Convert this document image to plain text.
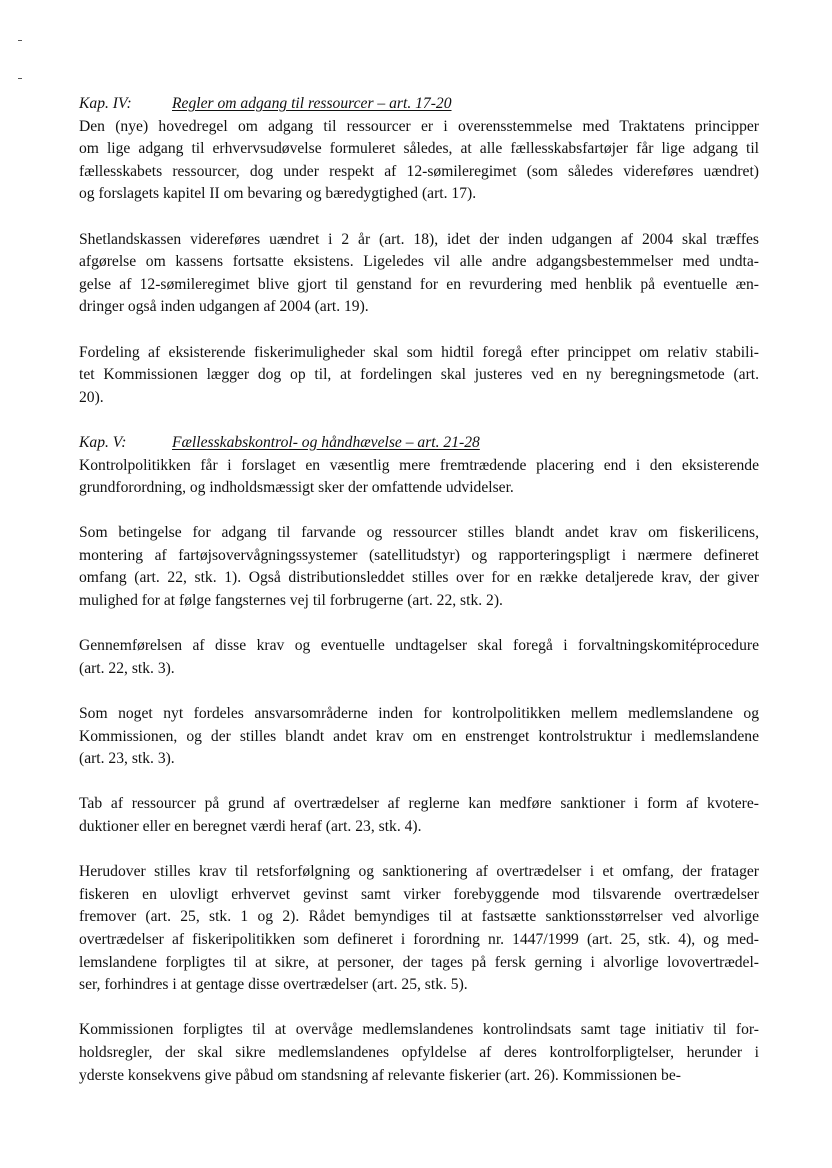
Kap. IV:	Regler om adgang til ressourcer – art. 17-20

Den (nye) hovedregel om adgang til ressourcer er i overensstemmelse med Traktatens principper
om lige adgang til erhvervsudøvelse formuleret således, at alle fællesskabsfartøjer får lige adgang til
fællesskabets ressourcer, dog under respekt af 12-sømileregimet (som således videreføres uændret)
og forslagets kapitel II om bevaring og bæredygtighed (art. 17).

Shetlandskassen videreføres uændret i 2 år (art. 18), idet der inden udgangen af 2004 skal træffes
afgørelse om kassens fortsatte eksistens. Ligeledes vil alle andre adgangsbestemmelser med undta-
gelse af 12-sømileregimet blive gjort til genstand for en revurdering med henblik på eventuelle æn-
dringer også inden udgangen af 2004 (art. 19).

Fordeling af eksisterende fiskerimuligheder skal som hidtil foregå efter princippet om relativ stabili-
tet Kommissionen lægger dog op til, at fordelingen skal justeres ved en ny beregningsmetode (art.
20).

Kap. V:	Fællesskabskontrol- og håndhævelse – art. 21-28

Kontrolpolitikken får i forslaget en væsentlig mere fremtrædende placering end i den eksisterende
grundforordning, og indholdsmæssigt sker der omfattende udvidelser.

Som betingelse for adgang til farvande og ressourcer stilles blandt andet krav om fiskerilicens,
montering af fartøjsovervågningssystemer (satellitudstyr) og rapporteringspligt i nærmere defineret
omfang (art. 22, stk. 1). Også distributionsleddet stilles over for en række detaljerede krav, der giver
mulighed for at følge fangsternes vej til forbrugerne (art. 22, stk. 2).

Gennemførelsen af disse krav og eventuelle undtagelser skal foregå i forvaltningskomitéprocedure
(art. 22, stk. 3).

Som noget nyt fordeles ansvarsområderne inden for kontrolpolitikken mellem medlemslandene og
Kommissionen, og der stilles blandt andet krav om en enstrenget kontrolstruktur i medlemslandene
(art. 23, stk. 3).

Tab af ressourcer på grund af overtrædelser af reglerne kan medføre sanktioner i form af kvotere-
duktioner eller en beregnet værdi heraf (art. 23, stk. 4).

Herudover stilles krav til retsforfølgning og sanktionering af overtrædelser i et omfang, der fratager
fiskeren en ulovligt erhvervet gevinst samt virker forebyggende mod tilsvarende overtrædelser
fremover (art. 25, stk. 1 og 2). Rådet bemyndiges til at fastsætte sanktionsstørrelser ved alvorlige
overtrædelser af fiskeripolitikken som defineret i forordning nr. 1447/1999 (art. 25, stk. 4), og med-
lemslandene forpligtes til at sikre, at personer, der tages på fersk gerning i alvorlige lovovertrædel-
ser, forhindres i at gentage disse overtrædelser (art. 25, stk. 5).

Kommissionen forpligtes til at overvåge medlemslandenes kontrolindsats samt tage initiativ til for-
holdsregler, der skal sikre medlemslandenes opfyldelse af deres kontrolforpligtelser, herunder i
yderste konsekvens give påbud om standsning af relevante fiskerier (art. 26). Kommissionen be-
